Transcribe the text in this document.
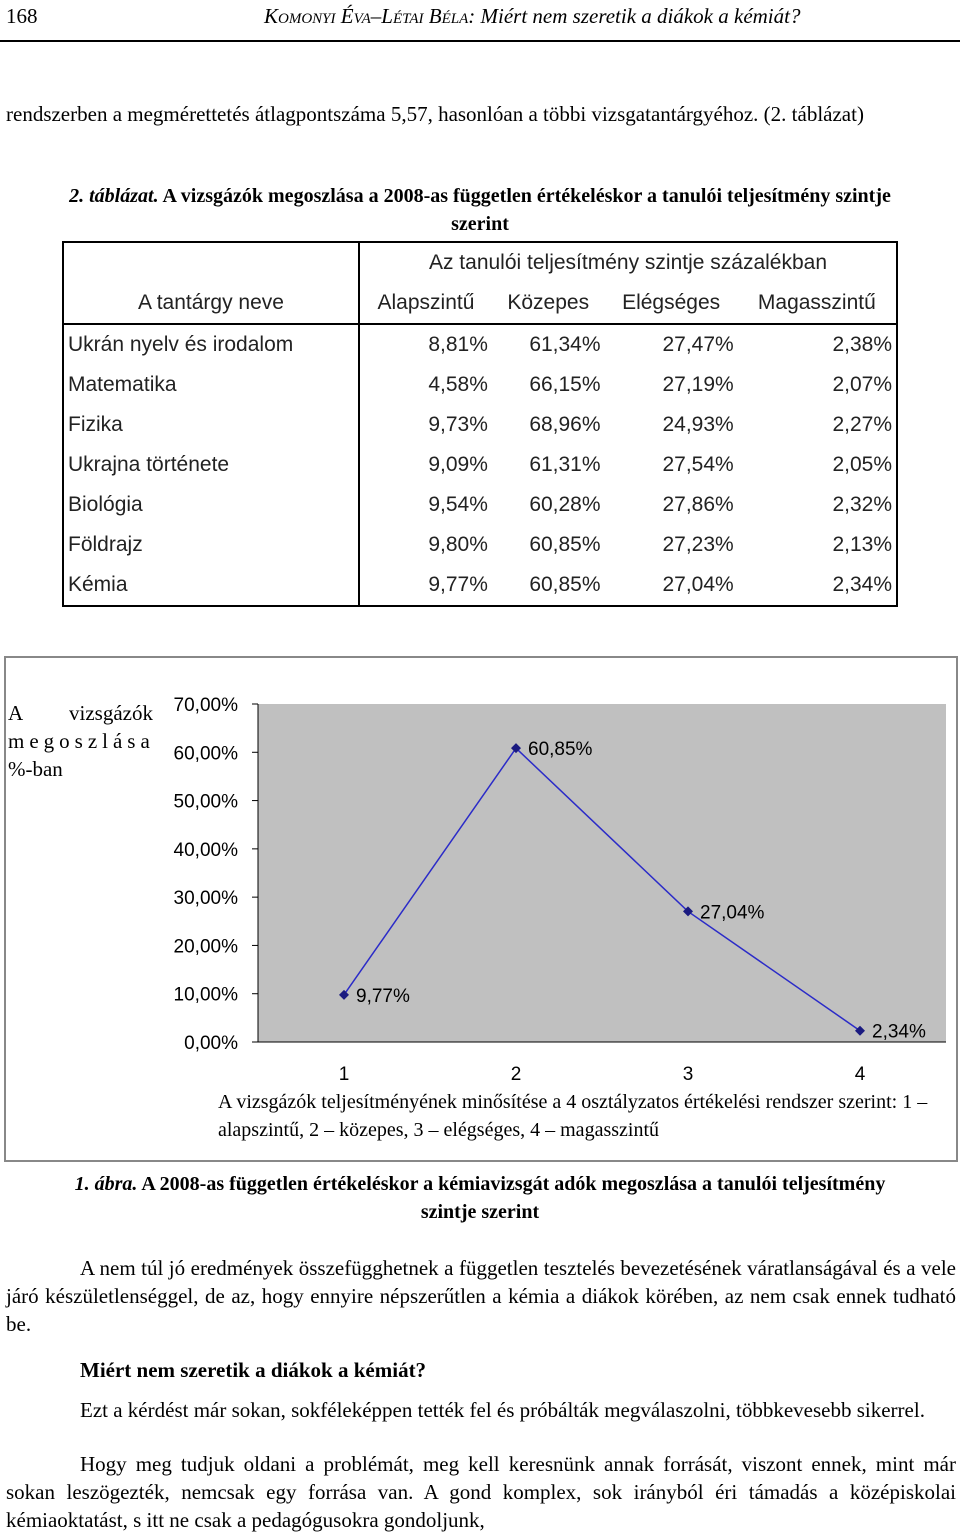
168	Komonyi Éva–Létai Béla: Miért nem szeretik a diákok a kémiát?
rendszerben a megmérettetés átlagpontszáma 5,57, hasonlóan a többi vizsgatantárgyéhoz. (2. táblázat)
2. táblázat. A vizsgázók megoszlása a 2008-as független értékeléskor a tanulói teljesítmény szintje szerint
	Az tanulói teljesítmény szintje százalékban			
A tantárgy neve	Alapszintű	Közepes	Elégséges	Magasszintű
Ukrán nyelv és irodalom	8,81%	61,34%	27,47%	2,38%
Matematika	4,58%	66,15%	27,19%	2,07%
Fizika	9,73%	68,96%	24,93%	2,27%
Ukrajna története	9,09%	61,31%	27,54%	2,05%
Biológia	9,54%	60,28%	27,86%	2,32%
Földrajz	9,80%	60,85%	27,23%	2,13%
Kémia	9,77%	60,85%	27,04%	2,34%
A vizsgázók
megoszlása
%-ban
0,00%
10,00%
20,00%
30,00%
40,00%
50,00%
60,00%
70,00%
1	2	3	4
9,77%
60,85%
27,04%
2,34%
A vizsgázók teljesítményének minősítése a 4 osztályzatos értékelési rendszer szerint: 1 – alapszintű, 2 – közepes, 3 – elégséges, 4 – magasszintű
1. ábra. A 2008-as független értékeléskor a kémiavizsgát adók megoszlása a tanulói teljesítmény szintje szerint
A nem túl jó eredmények összefügghetnek a független tesztelés bevezetésének váratlanságával és a vele járó készületlenséggel, de az, hogy ennyire népszerűtlen a kémia a diákok körében, az nem csak ennek tudható be.
Miért nem szeretik a diákok a kémiát?
Ezt a kérdést már sokan, sokféleképpen tették fel és próbálták megválaszolni, többkevesebb sikerrel.
Hogy meg tudjuk oldani a problémát, meg kell keresnünk annak forrását, viszont ennek, mint már sokan leszögezték, nemcsak egy forrása van. A gond komplex, sok irányból éri támadás a középiskolai kémiaoktatást, s itt ne csak a pedagógusokra gondoljunk,
